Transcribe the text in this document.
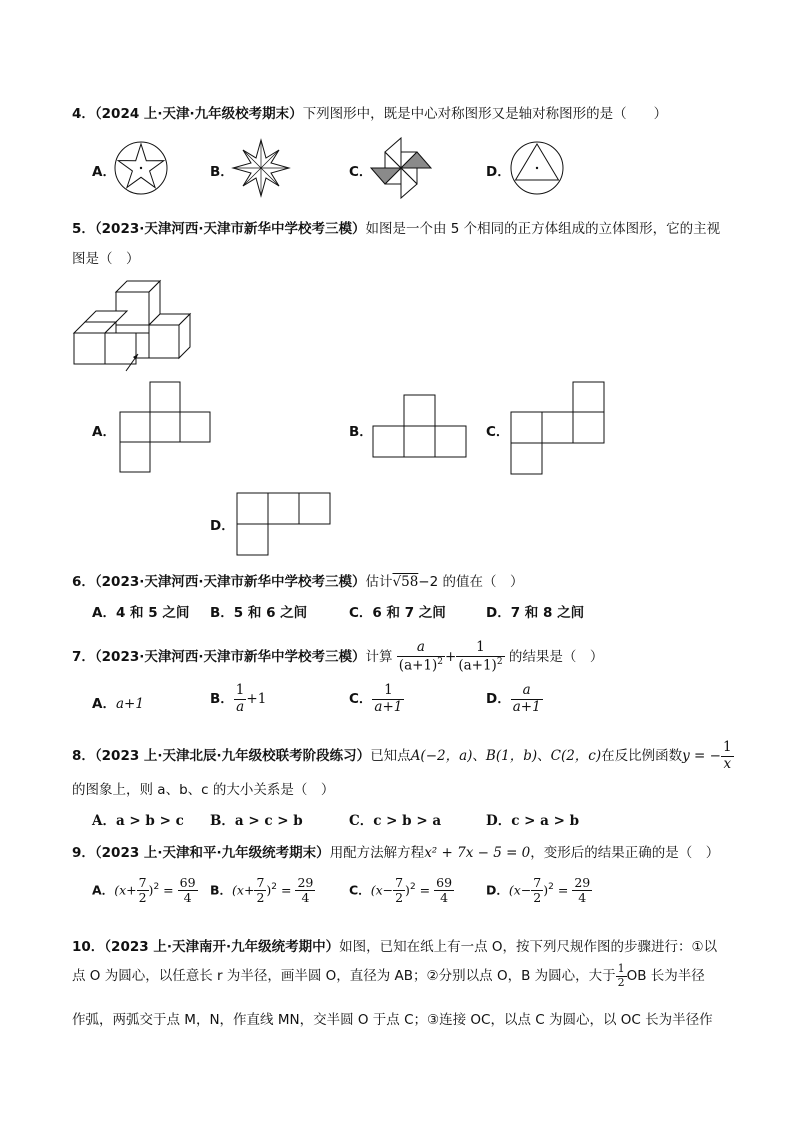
4．（2024 上·天津·九年级校考期末）下列图形中，既是中心对称图形又是轴对称图形的是（　　）
A．	B．	C．	D．
5．（2023·天津河西·天津市新华中学校考三模）如图是一个由 5 个相同的正方体组成的立体图形，它的主视
图是（　）
A．	B．	C．
D．
6．（2023·天津河西·天津市新华中学校考三模）估计√58−2 的值在（　）
A．4 和 5 之间 B．5 和 6 之间	C．6 和 7 之间	D．7 和 8 之间
7．（2023·天津河西·天津市新华中学校考三模）计算 $\frac{a}{(a+1)^2} + \frac{1}{(a+1)^2}$ 的结果是（　）
A．a+1	B． $\frac{1}{a} +1$	C． $\frac{1}{a+1}$	D． $\frac{a}{a+1}$
8．（2023 上·天津北辰·九年级校联考阶段练习）已知点A(−2，a)、B(1，b)、C(2，c)在反比例函数y = − $\frac{1}{x}$
的图象上，则 a、b、c 的大小关系是（　）
A．a > b > c B．a > c > b	C．c > b > a	D．c > a > b
9．（2023 上·天津和平·九年级统考期末）用配方法解方程x² + 7x − 5 = 0，变形后的结果正确的是（　）
A．$(x+ \frac{7}{2} )^2 = \frac{69}{4}$ B．$(x+ \frac{7}{2} )^2 = \frac{29}{4}$	C．$(x- \frac{7}{2} )^2 = \frac{69}{4}$	D．$(x- \frac{7}{2} )^2 = \frac{29}{4}$
10．（2023 上·天津南开·九年级统考期中）如图，已知在纸上有一点 O，按下列尺规作图的步骤进行：①以
点 O 为圆心，以任意长 r 为半径，画半圆 O，直径为 AB；②分别以点 O，B 为圆心，大于 $\frac{1}{2}$ OB 长为半径
作弧，两弧交于点 M，N，作直线 MN，交半圆 O 于点 C；③连接 OC，以点 C 为圆心，以 OC 长为半径作
